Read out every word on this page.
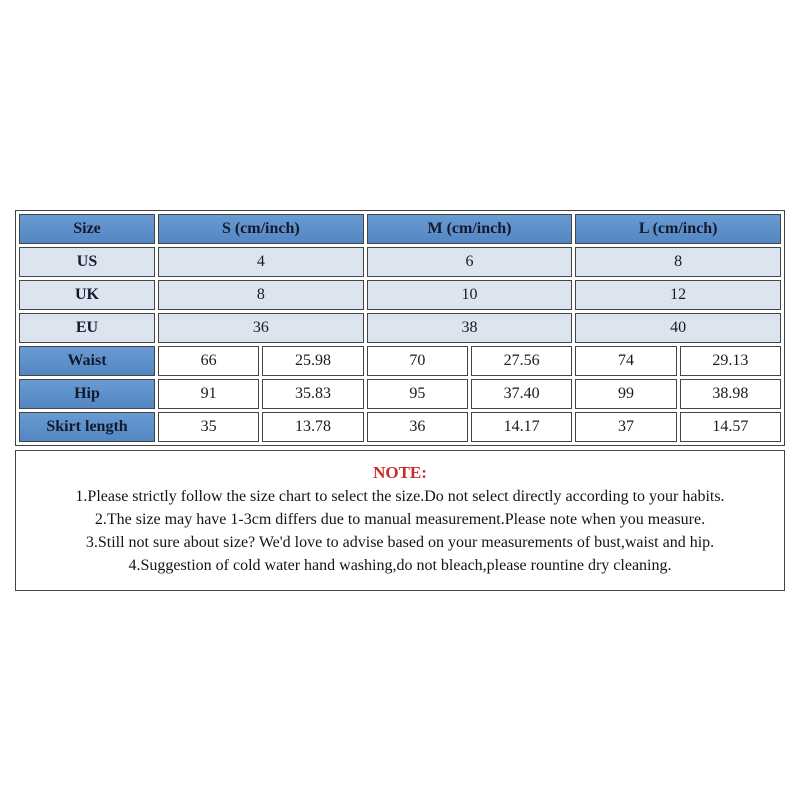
Size	S (cm/inch)		M (cm/inch)		L (cm/inch)	
US	4		6		8	
UK	8		10		12	
EU	36		38		40	
Waist	66	25.98	70	27.56	74	29.13
Hip	91	35.83	95	37.40	99	38.98
Skirt length	35	13.78	36	14.17	37	14.57
NOTE:
1.Please strictly follow the size chart to select the size.Do not select directly according to your habits.
2.The size may have 1-3cm differs due to manual measurement.Please note when you measure.
3.Still not sure about size? We'd love to advise based on your measurements of bust,waist and hip.
4.Suggestion of cold water hand washing,do not bleach,please rountine dry cleaning.
